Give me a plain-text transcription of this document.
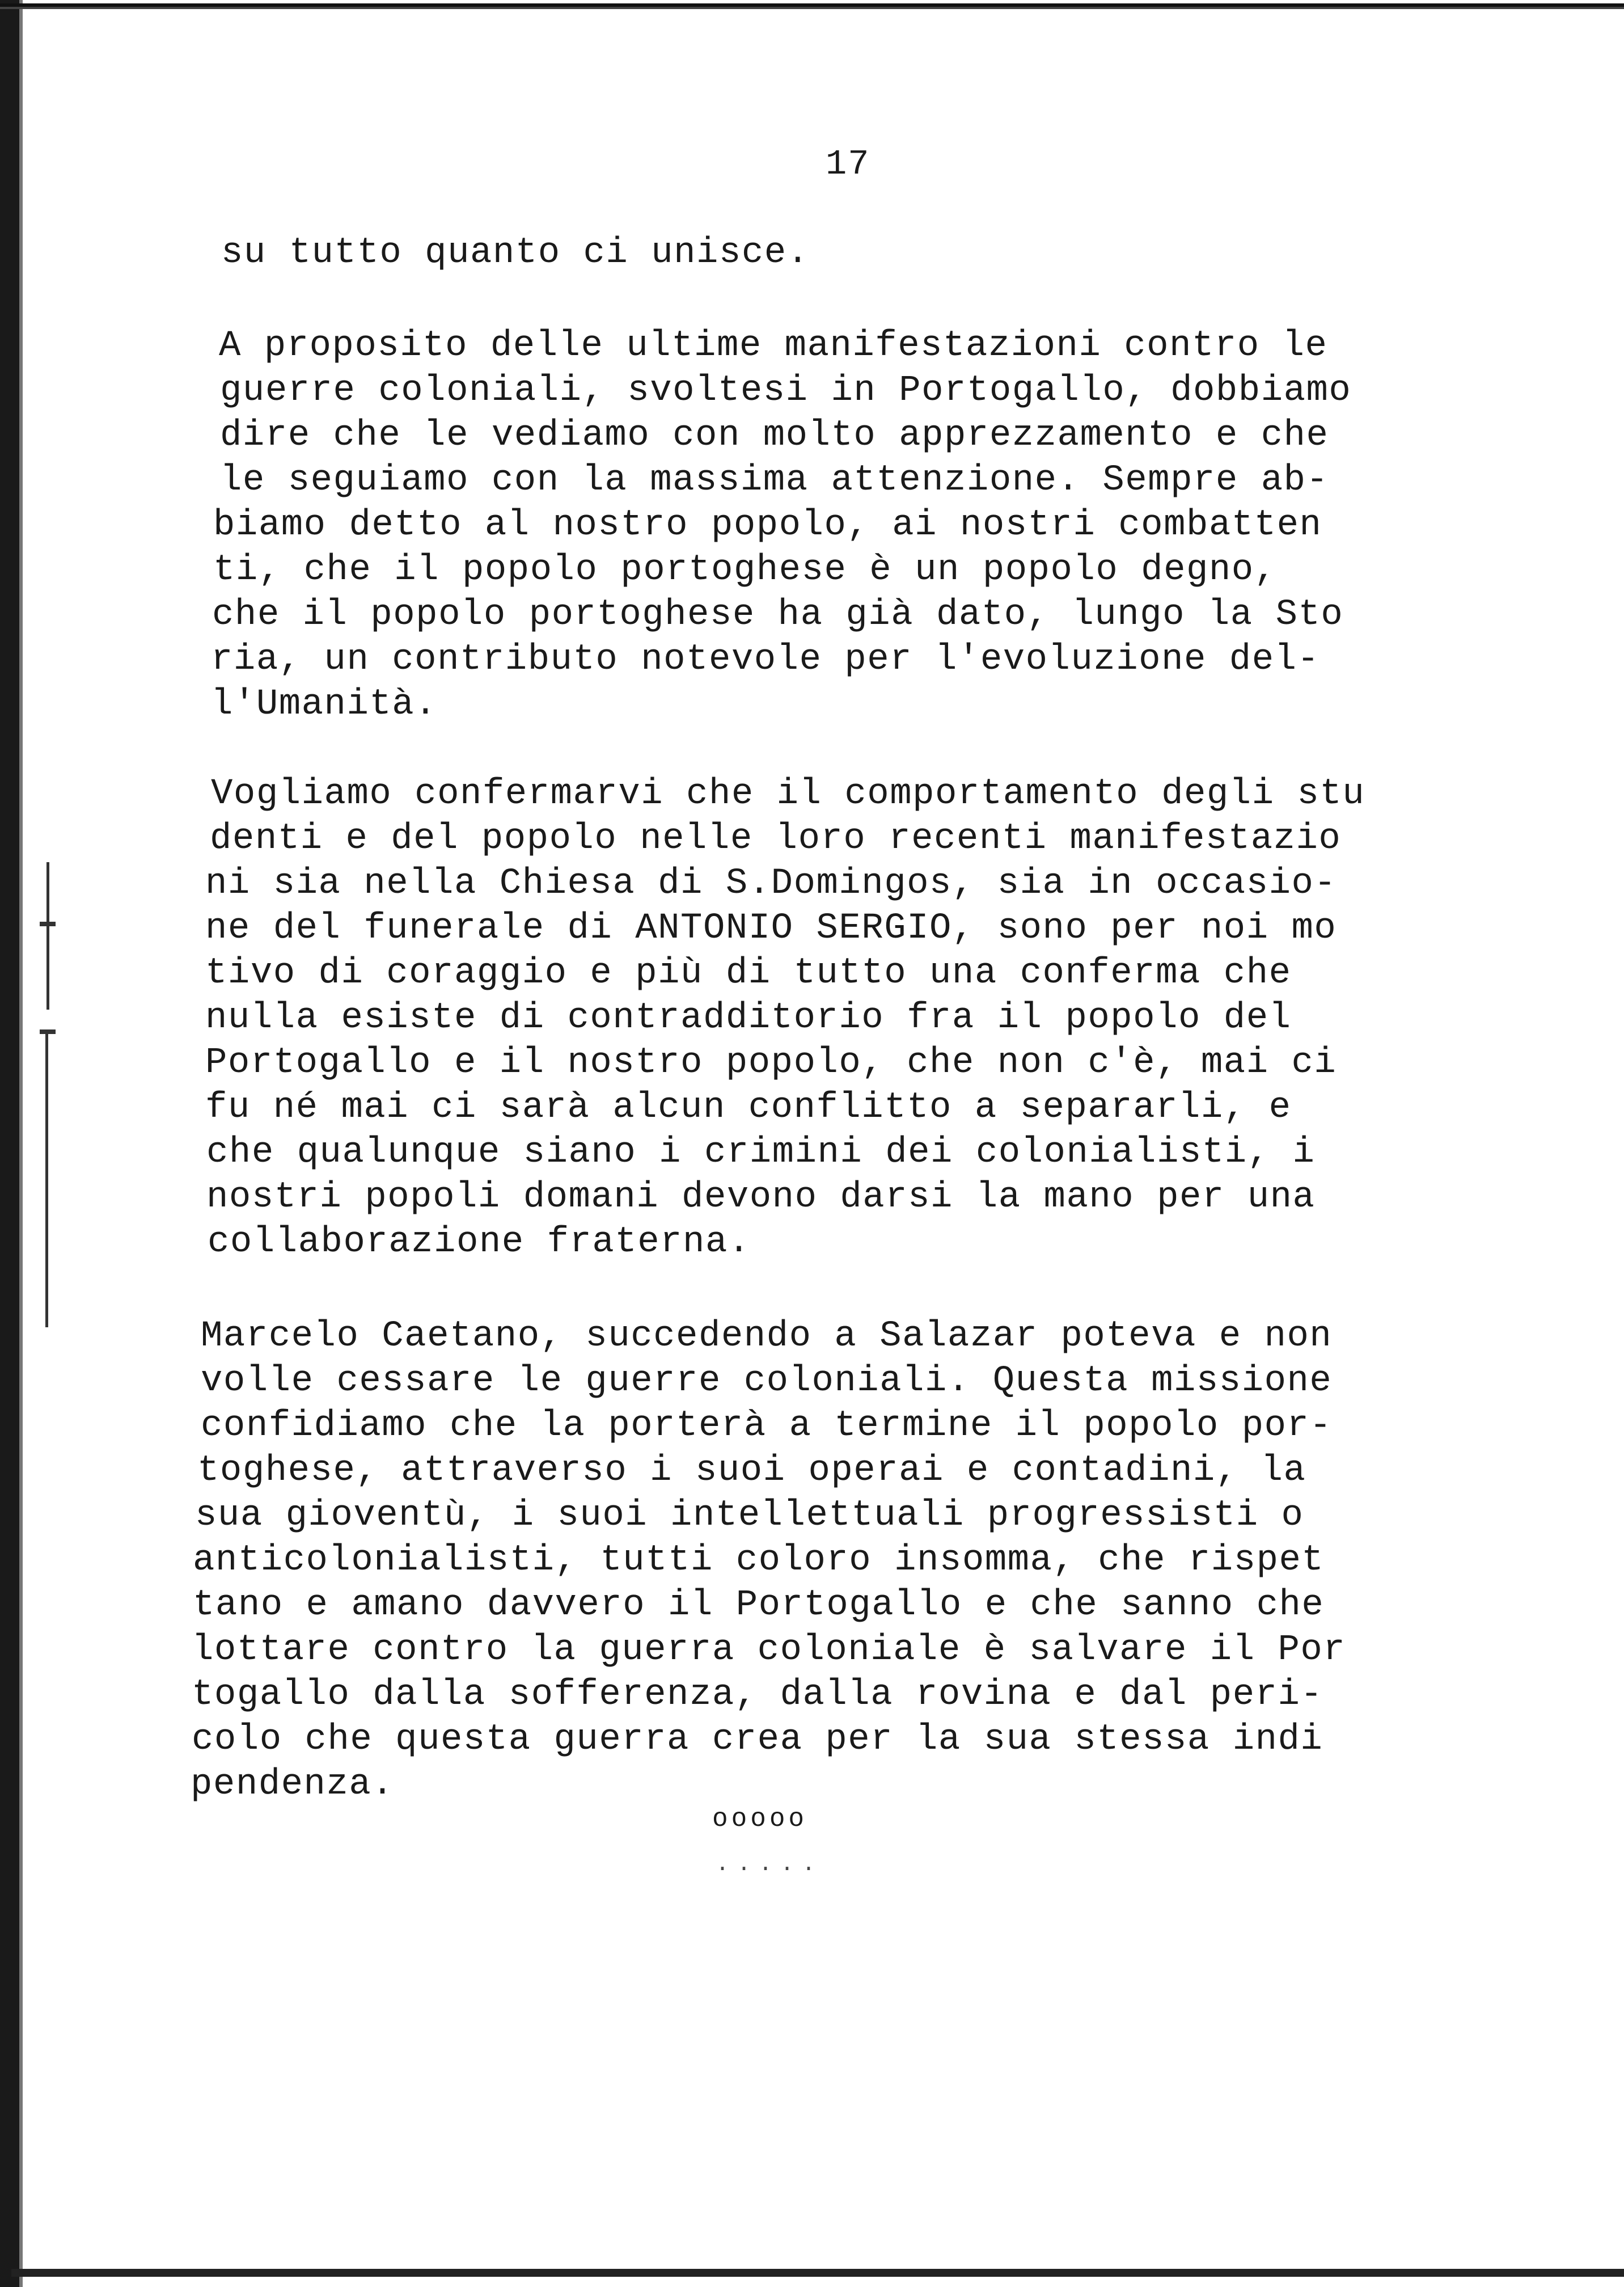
17
su tutto quanto ci unisce.
A proposito delle ultime manifestazioni contro le
guerre coloniali, svoltesi in Portogallo, dobbiamo
dire che le vediamo con molto apprezzamento e che
le seguiamo con la massima attenzione. Sempre ab-
biamo detto al nostro popolo, ai nostri combatten
ti, che il popolo portoghese è un popolo degno,
che il popolo portoghese ha già dato, lungo la Sto
ria, un contributo notevole per l'evoluzione del-
l'Umanità.
Vogliamo confermarvi che il comportamento degli stu
denti e del popolo nelle loro recenti manifestazio
ni sia nella Chiesa di S.Domingos, sia in occasio-
ne del funerale di ANTONIO SERGIO, sono per noi mo
tivo di coraggio e più di tutto una conferma che
nulla esiste di contradditorio fra il popolo del
Portogallo e il nostro popolo, che non c'è, mai ci
fu né mai ci sarà alcun conflitto a separarli, e
che qualunque siano i crimini dei colonialisti, i
nostri popoli domani devono darsi la mano per una
collaborazione fraterna.
Marcelo Caetano, succedendo a Salazar poteva e non
volle cessare le guerre coloniali. Questa missione
confidiamo che la porterà a termine il popolo por-
toghese, attraverso i suoi operai e contadini, la
sua gioventù, i suoi intellettuali progressisti o
anticolonialisti, tutti coloro insomma, che rispet
tano e amano davvero il Portogallo e che sanno che
lottare contro la guerra coloniale è salvare il Por
togallo dalla sofferenza, dalla rovina e dal peri-
colo che questa guerra crea per la sua stessa indi
pendenza.
ooooo
.....
